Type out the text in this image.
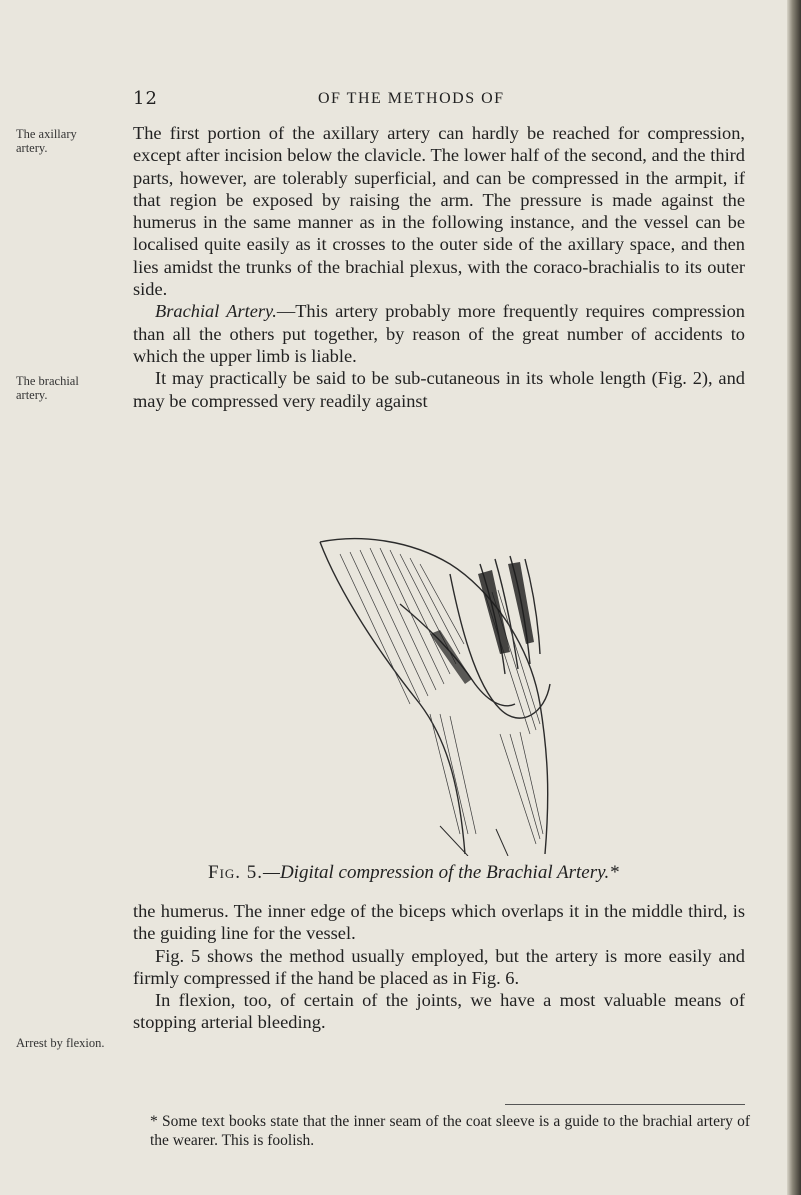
12	OF THE METHODS OF
The axillary artery.
The brachial artery.
Arrest by flexion.

The first portion of the axillary artery can hardly be reached for compression, except after incision below the clavicle. The lower half of the second, and the third parts, however, are tolerably superficial, and can be compressed in the armpit, if that region be exposed by raising the arm. The pressure is made against the humerus in the same manner as in the following instance, and the vessel can be localised quite easily as it crosses to the outer side of the axillary space, and then lies amidst the trunks of the brachial plexus, with the coraco-brachialis to its outer side.

Brachial Artery.—This artery probably more frequently requires compression than all the others put together, by reason of the great number of accidents to which the upper limb is liable.

It may practically be said to be sub-cutaneous in its whole length (Fig. 2), and may be compressed very readily against

Fig. 5.—Digital compression of the Brachial Artery.*

the humerus. The inner edge of the biceps which overlaps it in the middle third, is the guiding line for the vessel.

Fig. 5 shows the method usually employed, but the artery is more easily and firmly compressed if the hand be placed as in Fig. 6.

In flexion, too, of certain of the joints, we have a most valuable means of stopping arterial bleeding.

* Some text books state that the inner seam of the coat sleeve is a guide to the brachial artery of the wearer. This is foolish.
